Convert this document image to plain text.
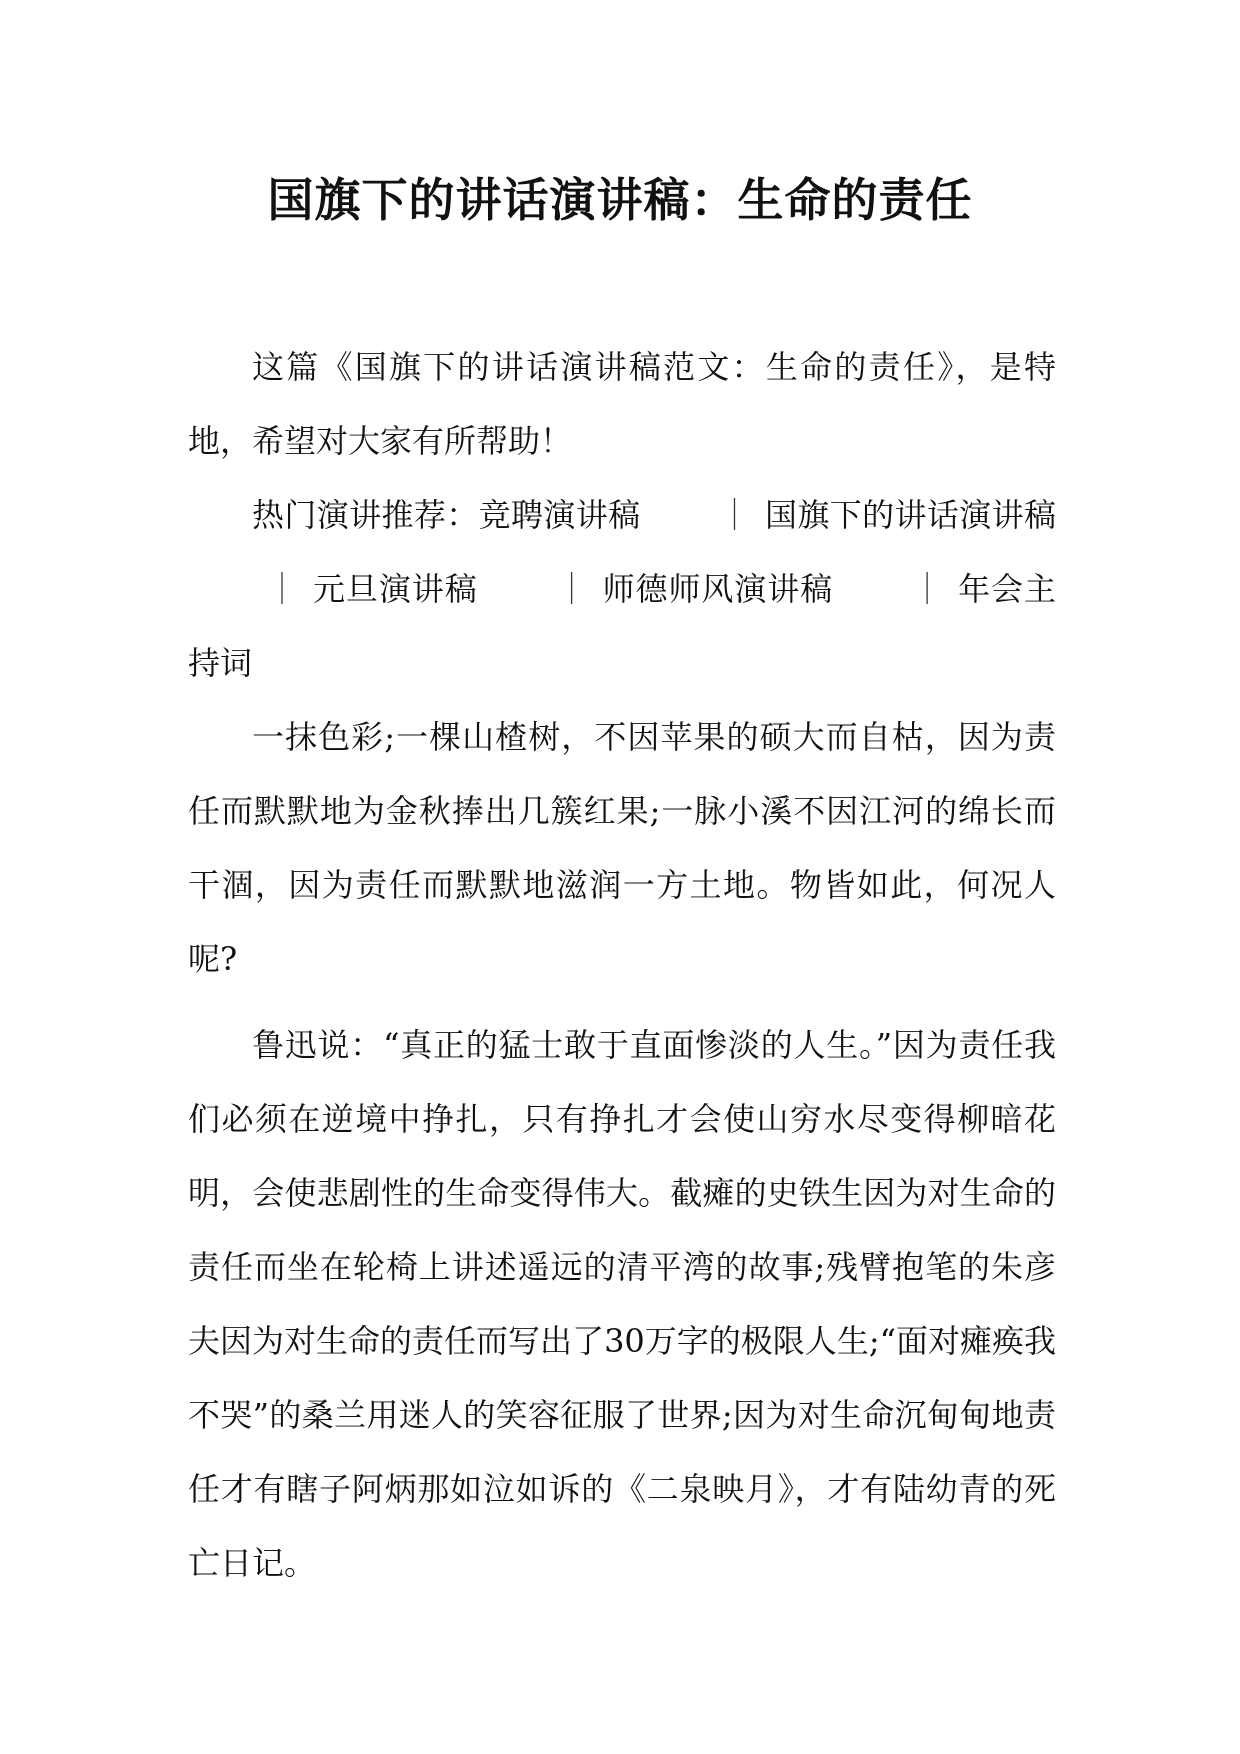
国旗下的讲话演讲稿：生命的责任

这篇《国旗下的讲话演讲稿范文：生命的责任》，是特地，希望对大家有所帮助！

热门演讲推荐：竞聘演讲稿 ｜ 国旗下的讲话演讲稿｜ 元旦演讲稿 ｜ 师德师风演讲稿 ｜ 年会主持词

一抹色彩;一棵山楂树，不因苹果的硕大而自枯，因为责任而默默地为金秋捧出几簇红果;一脉小溪不因江河的绵长而干涸，因为责任而默默地滋润一方土地。物皆如此，何况人呢?

鲁迅说：“真正的猛士敢于直面惨淡的人生。”因为责任我们必须在逆境中挣扎，只有挣扎才会使山穷水尽变得柳暗花明，会使悲剧性的生命变得伟大。截瘫的史铁生因为对生命的责任而坐在轮椅上讲述遥远的清平湾的故事;残臂抱笔的朱彦夫因为对生命的责任而写出了30万字的极限人生;“面对瘫痪我不哭”的桑兰用迷人的笑容征服了世界;因为对生命沉甸甸地责任才有瞎子阿炳那如泣如诉的《二泉映月》，才有陆幼青的死亡日记。
